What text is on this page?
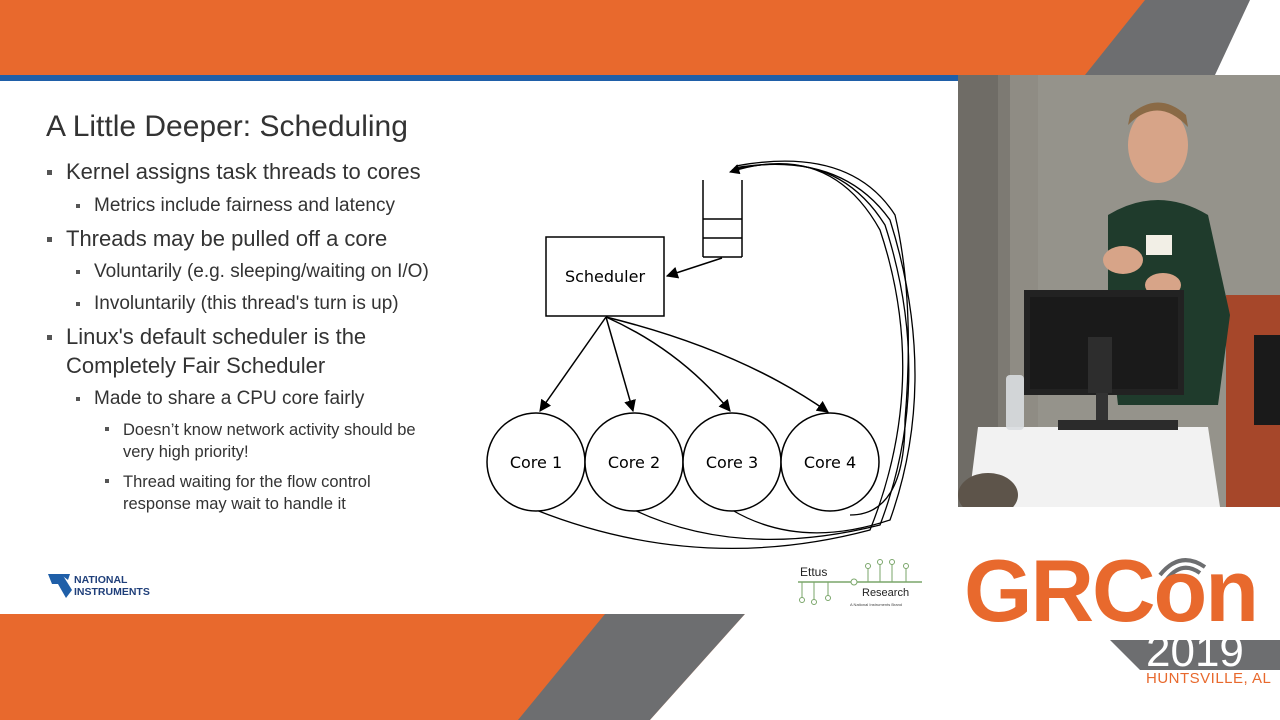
A Little Deeper: Scheduling
Kernel assigns task threads to cores
Metrics include fairness and latency
Threads may be pulled off a core
Voluntarily (e.g. sleeping/waiting on I/O)
Involuntarily (this thread's turn is up)
Linux's default scheduler is the
Completely Fair Scheduler
Made to share a CPU core fairly
Doesn’t know network activity should be
very high priority!
Thread waiting for the flow control
response may wait to handle it
Scheduler
Core 1	Core 2	Core 3	Core 4
NATIONAL
INSTRUMENTS
Ettus
Research
A National Instruments Brand GRCon
2019
HUNTSVILLE, AL
